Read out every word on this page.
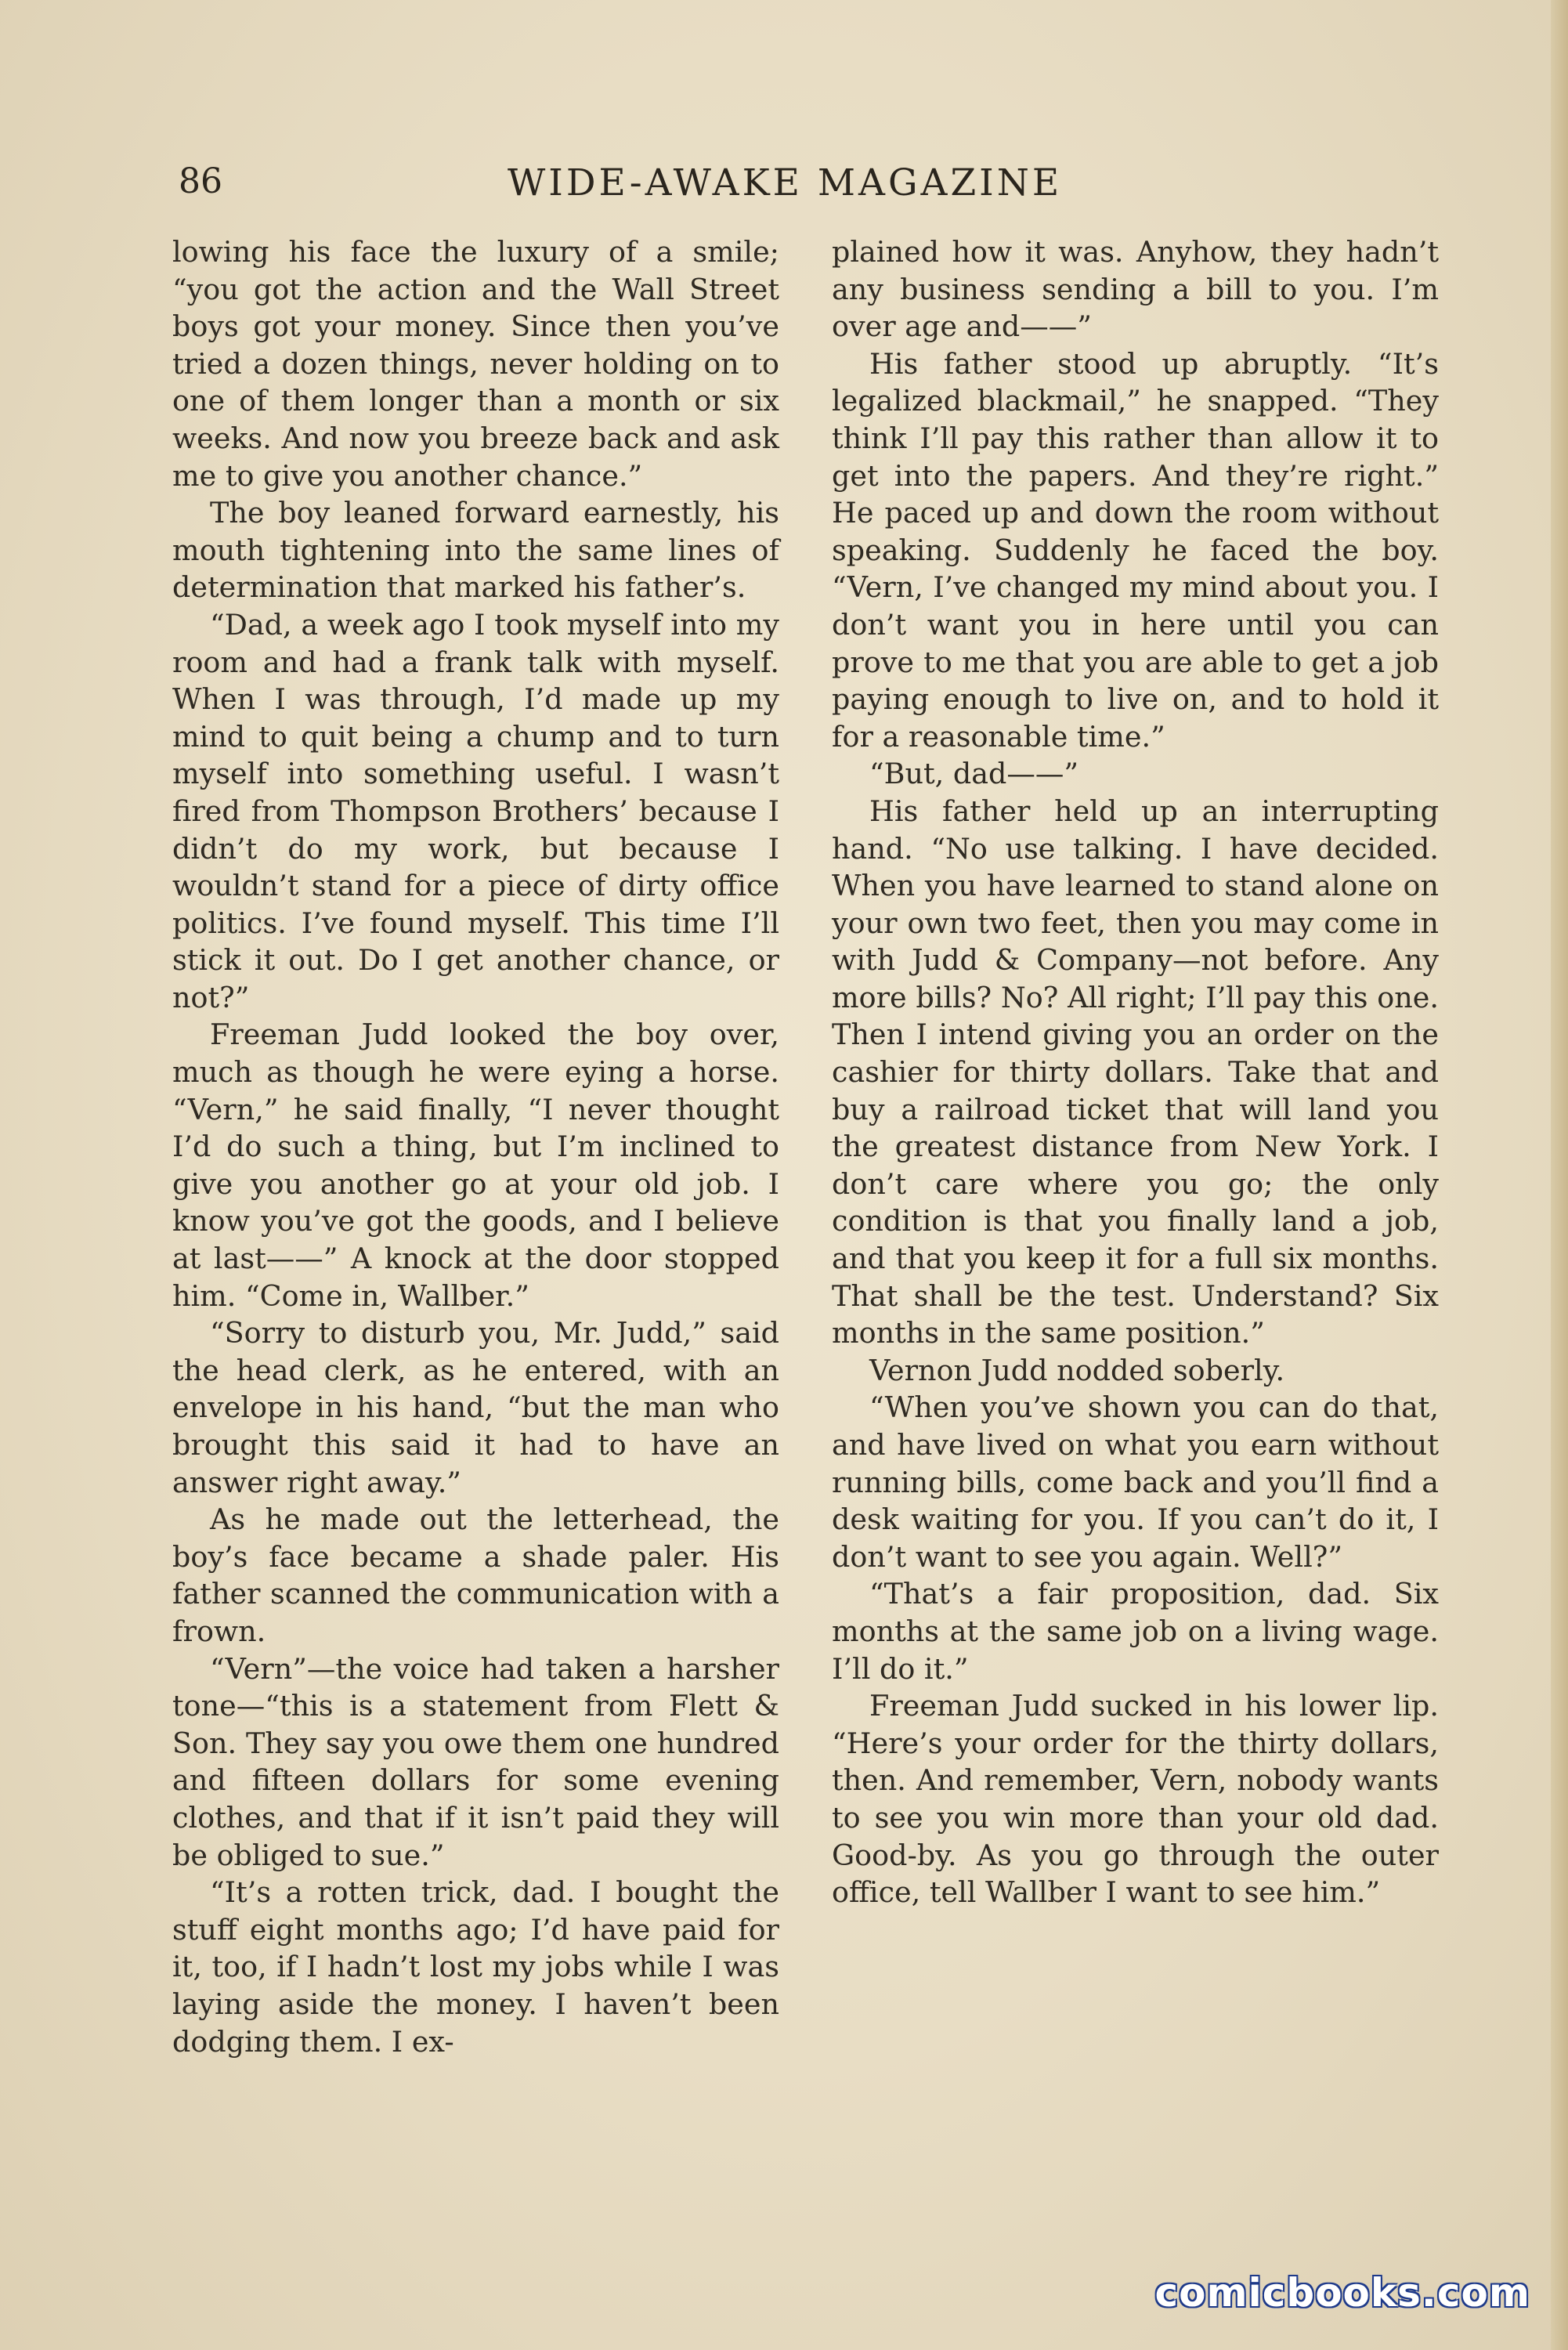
86	WIDE-AWAKE MAGAZINE

lowing his face the luxury of a smile; “you got the action and the Wall Street boys got your money. Since then you’ve tried a dozen things, never holding on to one of them longer than a month or six weeks. And now you breeze back and ask me to give you another chance.”

The boy leaned forward earnestly, his mouth tightening into the same lines of determination that marked his father’s.

“Dad, a week ago I took myself into my room and had a frank talk with myself. When I was through, I’d made up my mind to quit being a chump and to turn myself into something useful. I wasn’t fired from Thompson Brothers’ because I didn’t do my work, but because I wouldn’t stand for a piece of dirty office politics. I’ve found myself. This time I’ll stick it out. Do I get another chance, or not?”

Freeman Judd looked the boy over, much as though he were eying a horse. “Vern,” he said finally, “I never thought I’d do such a thing, but I’m inclined to give you another go at your old job. I know you’ve got the goods, and I believe at last——” A knock at the door stopped him. “Come in, Wallber.”

“Sorry to disturb you, Mr. Judd,” said the head clerk, as he entered, with an envelope in his hand, “but the man who brought this said it had to have an answer right away.”

As he made out the letterhead, the boy’s face became a shade paler. His father scanned the communication with a frown.

“Vern”—the voice had taken a harsher tone—“this is a statement from Flett & Son. They say you owe them one hundred and fifteen dollars for some evening clothes, and that if it isn’t paid they will be obliged to sue.”

“It’s a rotten trick, dad. I bought the stuff eight months ago; I’d have paid for it, too, if I hadn’t lost my jobs while I was laying aside the money. I haven’t been dodging them. I ex-

plained how it was. Anyhow, they hadn’t any business sending a bill to you. I’m over age and——”

His father stood up abruptly. “It’s legalized blackmail,” he snapped. “They think I’ll pay this rather than allow it to get into the papers. And they’re right.” He paced up and down the room without speaking. Suddenly he faced the boy. “Vern, I’ve changed my mind about you. I don’t want you in here until you can prove to me that you are able to get a job paying enough to live on, and to hold it for a reasonable time.”

“But, dad——”

His father held up an interrupting hand. “No use talking. I have decided. When you have learned to stand alone on your own two feet, then you may come in with Judd & Company—not before. Any more bills? No? All right; I’ll pay this one. Then I intend giving you an order on the cashier for thirty dollars. Take that and buy a railroad ticket that will land you the greatest distance from New York. I don’t care where you go; the only condition is that you finally land a job, and that you keep it for a full six months. That shall be the test. Understand? Six months in the same position.”

Vernon Judd nodded soberly.

“When you’ve shown you can do that, and have lived on what you earn without running bills, come back and you’ll find a desk waiting for you. If you can’t do it, I don’t want to see you again. Well?”

“That’s a fair proposition, dad. Six months at the same job on a living wage. I’ll do it.”

Freeman Judd sucked in his lower lip. “Here’s your order for the thirty dollars, then. And remember, Vern, nobody wants to see you win more than your old dad. Good-by. As you go through the outer office, tell Wallber I want to see him.”

comicbooks.com
